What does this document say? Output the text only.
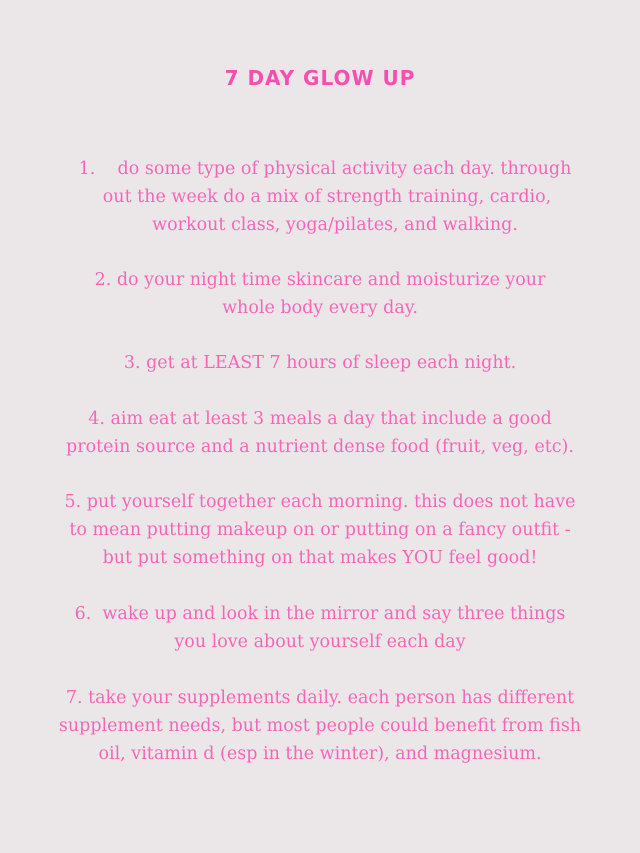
7 DAY GLOW UP
1.    do some type of physical activity each day. through
out the week do a mix of strength training, cardio,
workout class, yoga/pilates, and walking.
2. do your night time skincare and moisturize your
whole body every day.
3. get at LEAST 7 hours of sleep each night.
4. aim eat at least 3 meals a day that include a good
protein source and a nutrient dense food (fruit, veg, etc).
5. put yourself together each morning. this does not have
to mean putting makeup on or putting on a fancy outfit -
but put something on that makes YOU feel good!
6.  wake up and look in the mirror and say three things
you love about yourself each day
7. take your supplements daily. each person has different
supplement needs, but most people could benefit from fish
oil, vitamin d (esp in the winter), and magnesium.
